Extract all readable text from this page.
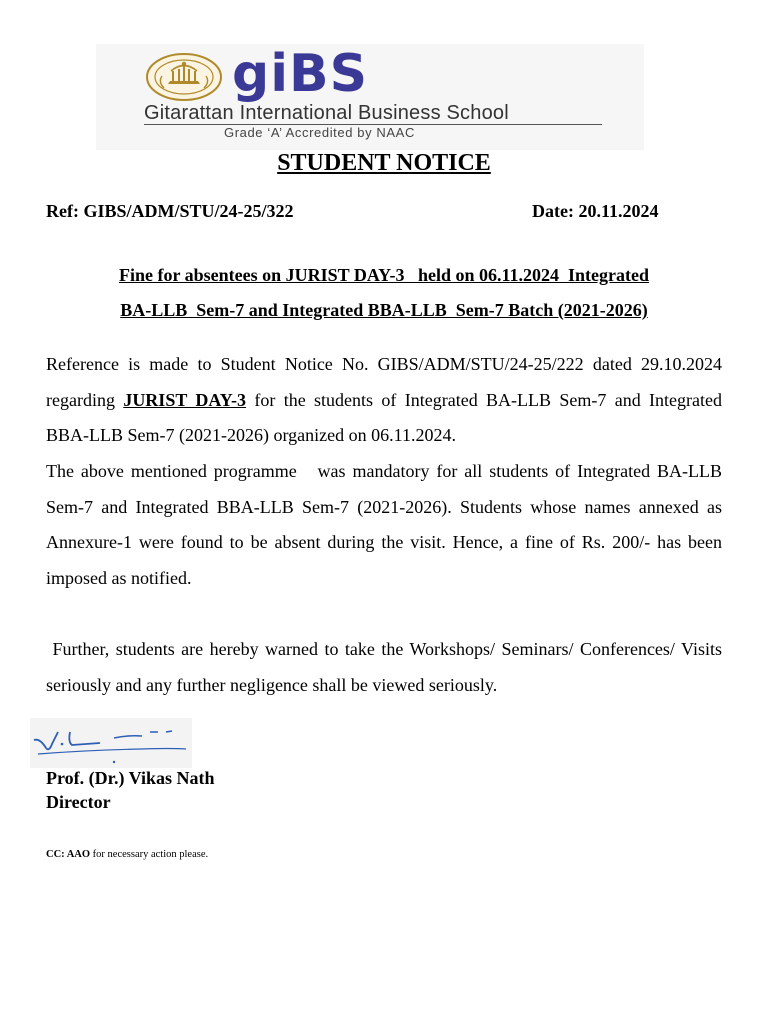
giBS
Gitarattan International Business School
Grade ‘A’ Accredited by NAAC
STUDENT NOTICE
Ref: GIBS/ADM/STU/24-25/322	Date: 20.11.2024
Fine for absentees on JURIST DAY-3   held on 06.11.2024  Integrated
BA-LLB  Sem-7 and Integrated BBA-LLB  Sem-7 Batch (2021-2026)
Reference is made to Student Notice No. GIBS/ADM/STU/24-25/222 dated 29.10.2024 regarding JURIST DAY-3 for the students of Integrated BA-LLB Sem-7 and Integrated BBA-LLB Sem-7 (2021-2026) organized on 06.11.2024.
The above mentioned programme   was mandatory for all students of Integrated BA-LLB Sem-7 and Integrated BBA-LLB Sem-7 (2021-2026). Students whose names annexed as Annexure-1 were found to be absent during the visit. Hence, a fine of Rs. 200/- has been imposed as notified.
Further, students are hereby warned to take the Workshops/ Seminars/ Conferences/ Visits seriously and any further negligence shall be viewed seriously.
Prof. (Dr.) Vikas Nath
Director
CC: AAO for necessary action please.
